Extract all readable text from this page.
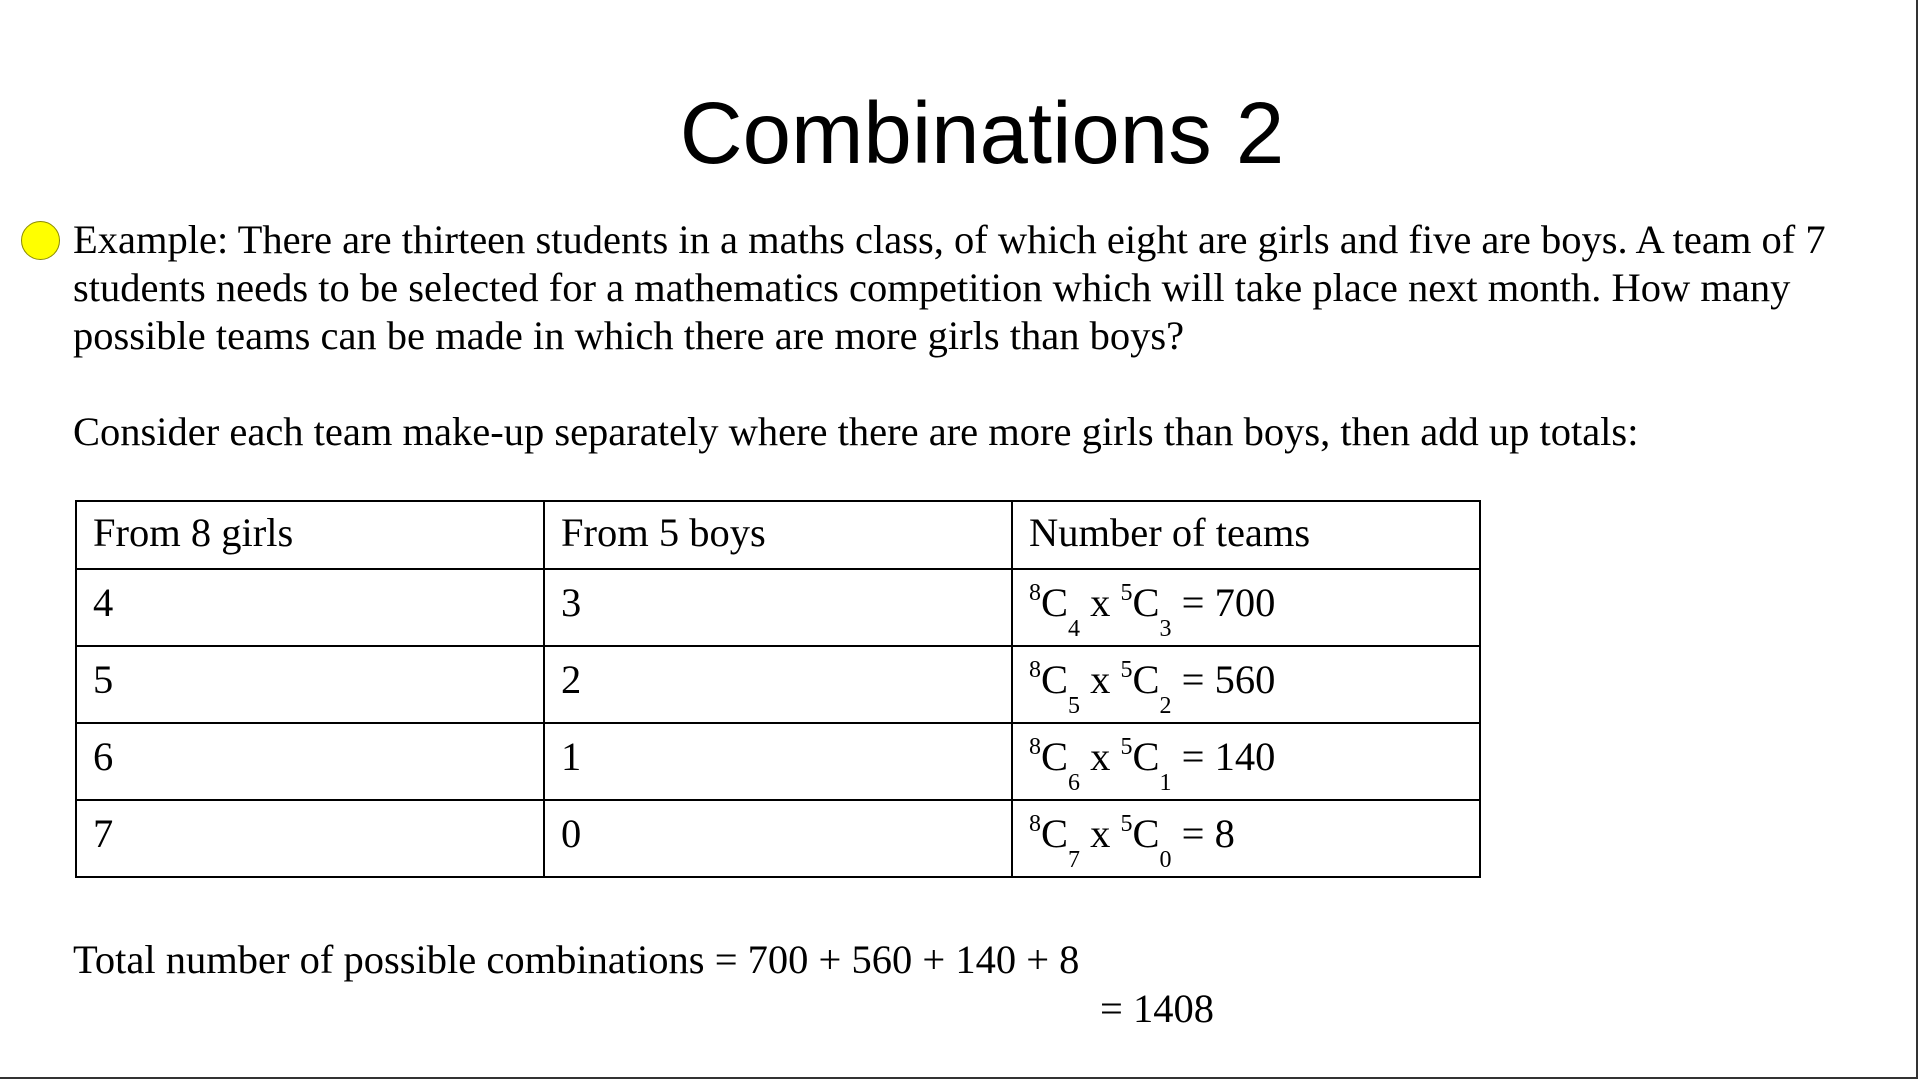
Combinations 2

Example: There are thirteen students in a maths class, of which eight are girls and five are boys. A team of 7 students needs to be selected for a mathematics competition which will take place next month. How many possible teams can be made in which there are more girls than boys?

Consider each team make-up separately where there are more girls than boys, then add up totals:

From 8 girls	From 5 boys	Number of teams
4	3	$^8C_4$ x $^5C_3 = 700$
5	2	$^8C_5$ x $^5C_2 = 560$
6	1	$^8C_6$ x $^5C_1 = 140$
7	0	$^8C_7$ x $^5C_0 = 8$
Total number of possible combinations = 700 + 560 + 140 + 8
= 1408
